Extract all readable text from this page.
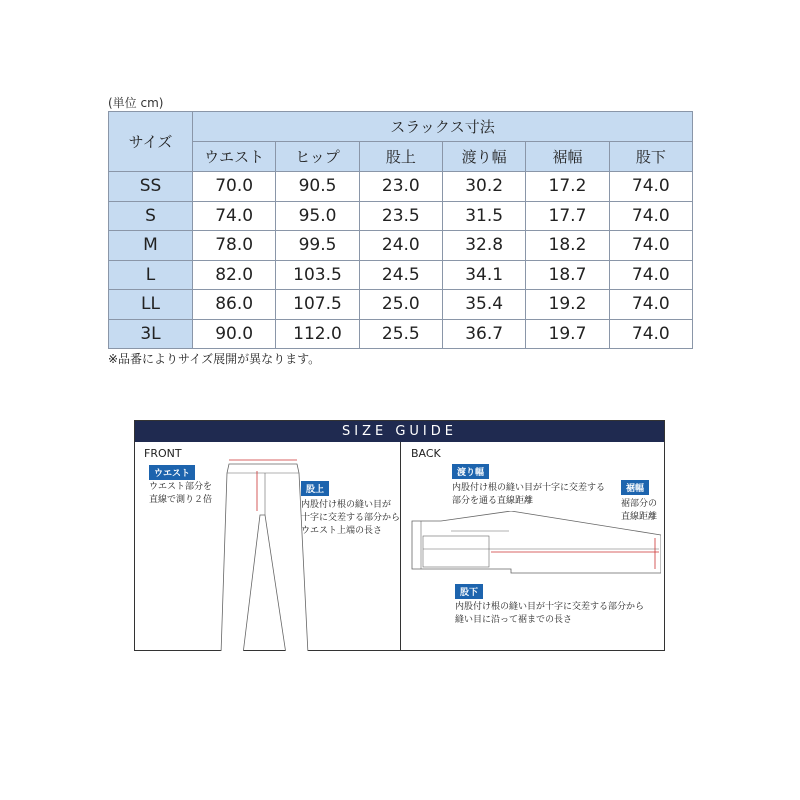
(単位 cm)
サイズ	スラックス寸法					
	ウエスト	ヒップ	股上	渡り幅	裾幅	股下
SS	70.0	90.5	23.0	30.2	17.2	74.0
S	74.0	95.0	23.5	31.5	17.7	74.0
M	78.0	99.5	24.0	32.8	18.2	74.0
L	82.0	103.5	24.5	34.1	18.7	74.0
LL	86.0	107.5	25.0	35.4	19.2	74.0
3L	90.0	112.0	25.5	36.7	19.7	74.0
※品番によりサイズ展開が異なります。
SIZE GUIDE
FRONT
ウエスト
ウエスト部分を
直線で測り２倍
股上
内股付け根の縫い目が
十字に交差する部分から
ウエスト上端の長さ
BACK
渡り幅
内股付け根の縫い目が十字に交差する
部分を通る直線距離
裾幅
裾部分の
直線距離
股下
内股付け根の縫い目が十字に交差する部分から
縫い目に沿って裾までの長さ
